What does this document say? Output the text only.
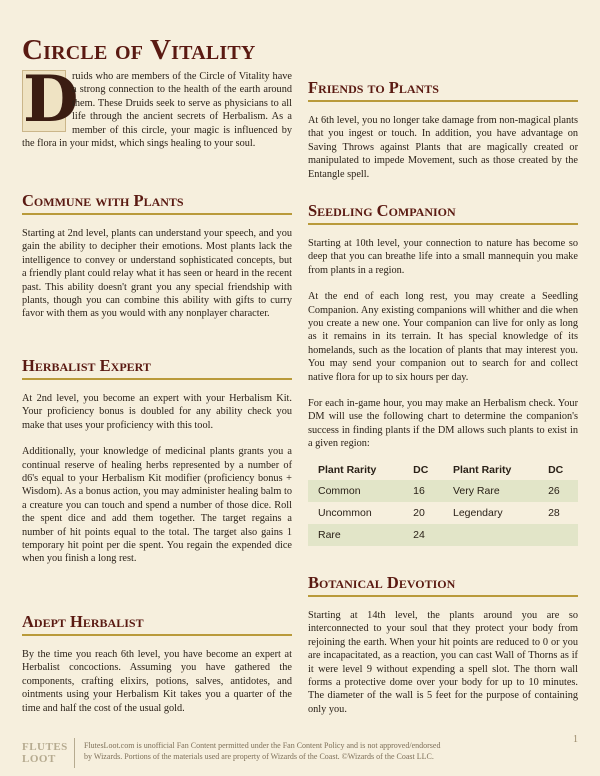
Circle of Vitality
D

ruids who are members of the Circle of Vitality have a strong connection to the health of the earth around them. These Druids seek to serve as physicians to all life through the ancient secrets of Herbalism. As a member of this circle, your magic is influenced by the flora in your midst, which sings healing to your soul.

Commune with Plants

Starting at 2nd level, plants can understand your speech, and you gain the ability to decipher their emotions. Most plants lack the intelligence to convey or understand sophisticated concepts, but a friendly plant could relay what it has seen or heard in the recent past. This ability doesn't grant you any special friendship with plants, though you can combine this ability with gifts to curry favor with them as you would with any nonplayer character.

Herbalist Expert

At 2nd level, you become an expert with your Herbalism Kit. Your proficiency bonus is doubled for any ability check you make that uses your proficiency with this tool.

Additionally, your knowledge of medicinal plants grants you a continual reserve of healing herbs represented by a number of d6's equal to your Herbalism Kit modifier (proficiency bonus + Wisdom). As a bonus action, you may administer healing balm to a creature you can touch and spend a number of those dice. Roll the spent dice and add them together. The target regains a number of hit points equal to the total. The target also gains 1 temporary hit point per die spent. You regain the expended dice when you finish a long rest.

Adept Herbalist

By the time you reach 6th level, you have become an expert at Herbalist concoctions. Assuming you have gathered the components, crafting elixirs, potions, salves, antidotes, and ointments using your Herbalism Kit takes you a quarter of the time and half the cost of the usual gold.

Friends to Plants

At 6th level, you no longer take damage from non-magical plants that you ingest or touch. In addition, you have advantage on Saving Throws against Plants that are magically created or manipulated to impede Movement, such as those created by the Entangle spell.

Seedling Companion

Starting at 10th level, your connection to nature has become so deep that you can breathe life into a small mannequin you make from plants in a region.

At the end of each long rest, you may create a Seedling Companion. Any existing companions will whither and die when you create a new one. Your companion can live for only as long as it remains in its terrain. It has special knowledge of its homelands, such as the location of plants that may interest you. You may send your companion out to search for and collect native flora for up to six hours per day.

For each in-game hour, you may make an Herbalism check. Your DM will use the following chart to determine the companion's success in finding plants if the DM allows such plants to exist in a given region:

Plant Rarity	DC	Plant Rarity	DC
Common	16	Very Rare	26
Uncommon	20	Legendary	28
Rare	24		
Botanical Devotion

Starting at 14th level, the plants around you are so interconnected to your soul that they protect your body from rejoining the earth. When your hit points are reduced to 0 or you are incapacitated, as a reaction, you can cast Wall of Thorns as if it were level 9 without expending a spell slot. The thorn wall forms a protective dome over your body for up to 10 minutes. The diameter of the wall is 5 feet for the purpose of containing only you.

FLUTES
LOOT
FlutesLoot.com is unofficial Fan Content permitted under the Fan Content Policy and is not approved/endorsed
by Wizards. Portions of the materials used are property of Wizards of the Coast. ©Wizards of the Coast LLC.
1
